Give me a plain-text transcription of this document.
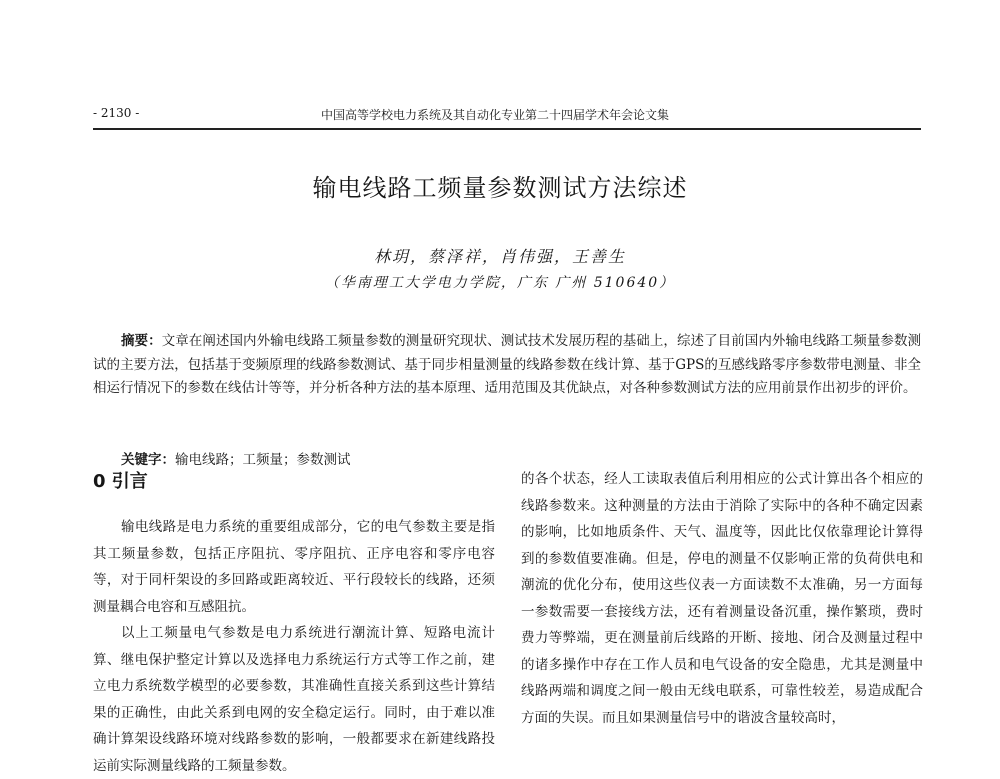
- 2130 -	中国高等学校电力系统及其自动化专业第二十四届学术年会论文集
输电线路工频量参数测试方法综述
林玥，蔡泽祥，肖伟强，王善生
（华南理工大学电力学院，广东 广州 510640）
摘要：文章在阐述国内外输电线路工频量参数的测量研究现状、测试技术发展历程的基础上，综述了目前国内外输电线路工频量参数测试的主要方法，包括基于变频原理的线路参数测试、基于同步相量测量的线路参数在线计算、基于GPS的互感线路零序参数带电测量、非全相运行情况下的参数在线估计等等，并分析各种方法的基本原理、适用范围及其优缺点，对各种参数测试方法的应用前景作出初步的评价。
关键字：输电线路；工频量；参数测试
0 引言

输电线路是电力系统的重要组成部分，它的电气参数主要是指其工频量参数，包括正序阻抗、零序阻抗、正序电容和零序电容等，对于同杆架设的多回路或距离较近、平行段较长的线路，还须测量耦合电容和互感阻抗。

以上工频量电气参数是电力系统进行潮流计算、短路电流计算、继电保护整定计算以及选择电力系统运行方式等工作之前，建立电力系统数学模型的必要参数，其准确性直接关系到这些计算结果的正确性，由此关系到电网的安全稳定运行。同时，由于难以准确计算架设线路环境对线路参数的影响，一般都要求在新建线路投运前实际测量线路的工频量参数。

的各个状态，经人工读取表值后利用相应的公式计算出各个相应的线路参数来。这种测量的方法由于消除了实际中的各种不确定因素的影响，比如地质条件、天气、温度等，因此比仅依靠理论计算得到的参数值要准确。但是，停电的测量不仅影响正常的负荷供电和潮流的优化分布，使用这些仪表一方面读数不太准确，另一方面每一参数需要一套接线方法，还有着测量设备沉重，操作繁琐，费时费力等弊端，更在测量前后线路的开断、接地、闭合及测量过程中的诸多操作中存在工作人员和电气设备的安全隐患，尤其是测量中线路两端和调度之间一般由无线电联系，可靠性较差，易造成配合方面的失误。而且如果测量信号中的谐波含量较高时，
